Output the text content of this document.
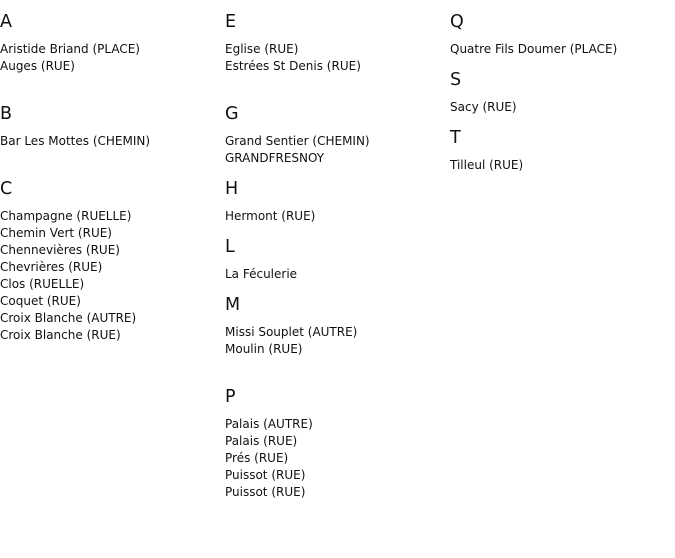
A
Aristide Briand (PLACE)
Auges (RUE)
B
Bar Les Mottes (CHEMIN)
C
Champagne (RUELLE)
Chemin Vert (RUE)
Chennevières (RUE)
Chevrières (RUE)
Clos (RUELLE)
Coquet (RUE)
Croix Blanche (AUTRE)
Croix Blanche (RUE)
E
Eglise (RUE)
Estrées St Denis (RUE)
G
Grand Sentier (CHEMIN)
GRANDFRESNOY
H
Hermont (RUE)
L
La Féculerie
M
Missi Souplet (AUTRE)
Moulin (RUE)
P
Palais (AUTRE)
Palais (RUE)
Prés (RUE)
Puissot (RUE)
Puissot (RUE)
Q
Quatre Fils Doumer (PLACE)
S
Sacy (RUE)
T
Tilleul (RUE)
